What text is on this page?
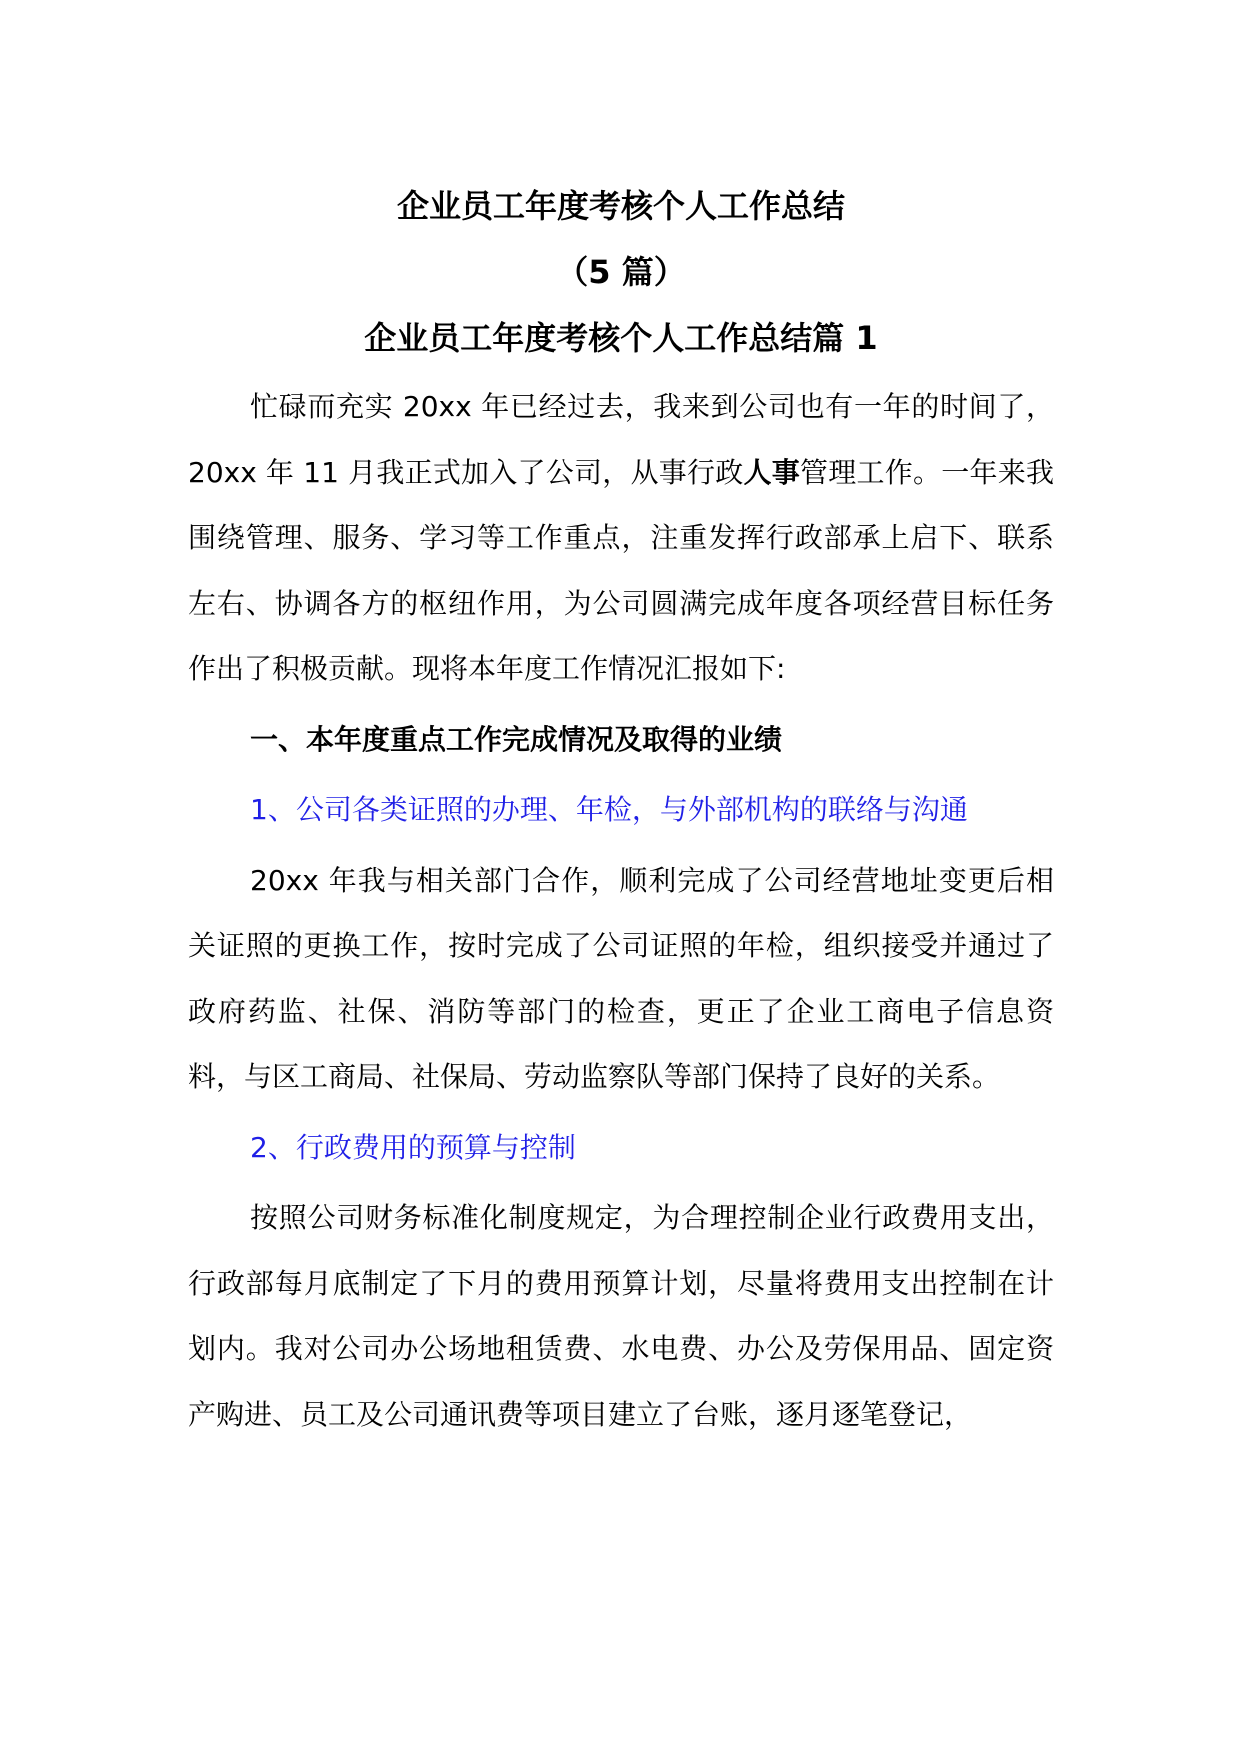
企业员工年度考核个人工作总结
（5 篇）
企业员工年度考核个人工作总结篇 1

忙碌而充实 20xx 年已经过去，我来到公司也有一年的时间了，20xx 年 11 月我正式加入了公司，从事行政人事管理工作。一年来我围绕管理、服务、学习等工作重点，注重发挥行政部承上启下、联系左右、协调各方的枢纽作用，为公司圆满完成年度各项经营目标任务作出了积极贡献。现将本年度工作情况汇报如下:

一、本年度重点工作完成情况及取得的业绩

1、公司各类证照的办理、年检，与外部机构的联络与沟通

20xx 年我与相关部门合作，顺利完成了公司经营地址变更后相关证照的更换工作，按时完成了公司证照的年检，组织接受并通过了政府药监、社保、消防等部门的检查，更正了企业工商电子信息资料，与区工商局、社保局、劳动监察队等部门保持了良好的关系。

2、行政费用的预算与控制

按照公司财务标准化制度规定，为合理控制企业行政费用支出，行政部每月底制定了下月的费用预算计划，尽量将费用支出控制在计划内。我对公司办公场地租赁费、水电费、办公及劳保用品、固定资产购进、员工及公司通讯费等项目建立了台账，逐月逐笔登记，
